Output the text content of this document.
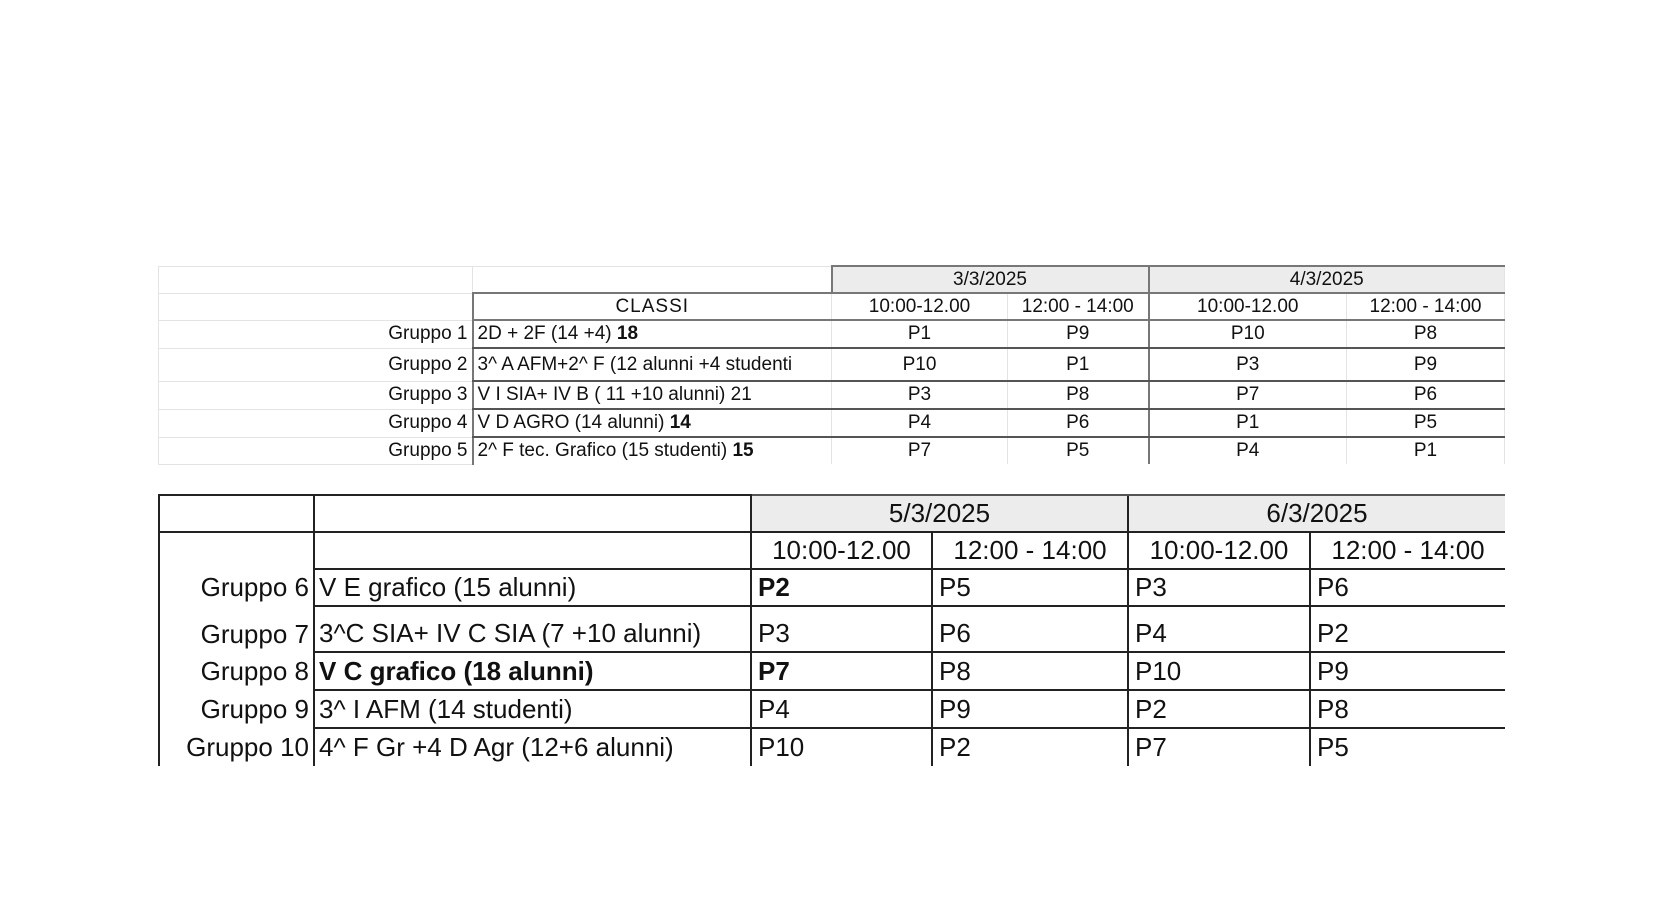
		3/3/2025		4/3/2025	
	CLASSI	10:00-12.00	12:00 - 14:00	10:00-12.00	12:00 - 14:00
Gruppo 1	2D + 2F (14 +4) 18	P1	P9	P10	P8
Gruppo 2	3^ A AFM+2^ F (12 alunni +4 studenti	P10	P1	P3	P9
Gruppo 3	V I SIA+ IV B ( 11 +10 alunni) 21	P3	P8	P7	P6
Gruppo 4	V D AGRO (14 alunni) 14	P4	P6	P1	P5
Gruppo 5	2^ F tec. Grafico (15 studenti) 15	P7	P5	P4	P1
		5/3/2025		6/3/2025	
		10:00-12.00	12:00 - 14:00	10:00-12.00	12:00 - 14:00
Gruppo 6	V E grafico (15 alunni)	P2	P5	P3	P6
Gruppo 7	3^C SIA+ IV C SIA (7 +10 alunni)	P3	P6	P4	P2
Gruppo 8	V C grafico (18 alunni)	P7	P8	P10	P9
Gruppo 9	3^ I AFM (14 studenti)	P4	P9	P2	P8
Gruppo 10	4^ F Gr +4 D Agr (12+6 alunni)	P10	P2	P7	P5
